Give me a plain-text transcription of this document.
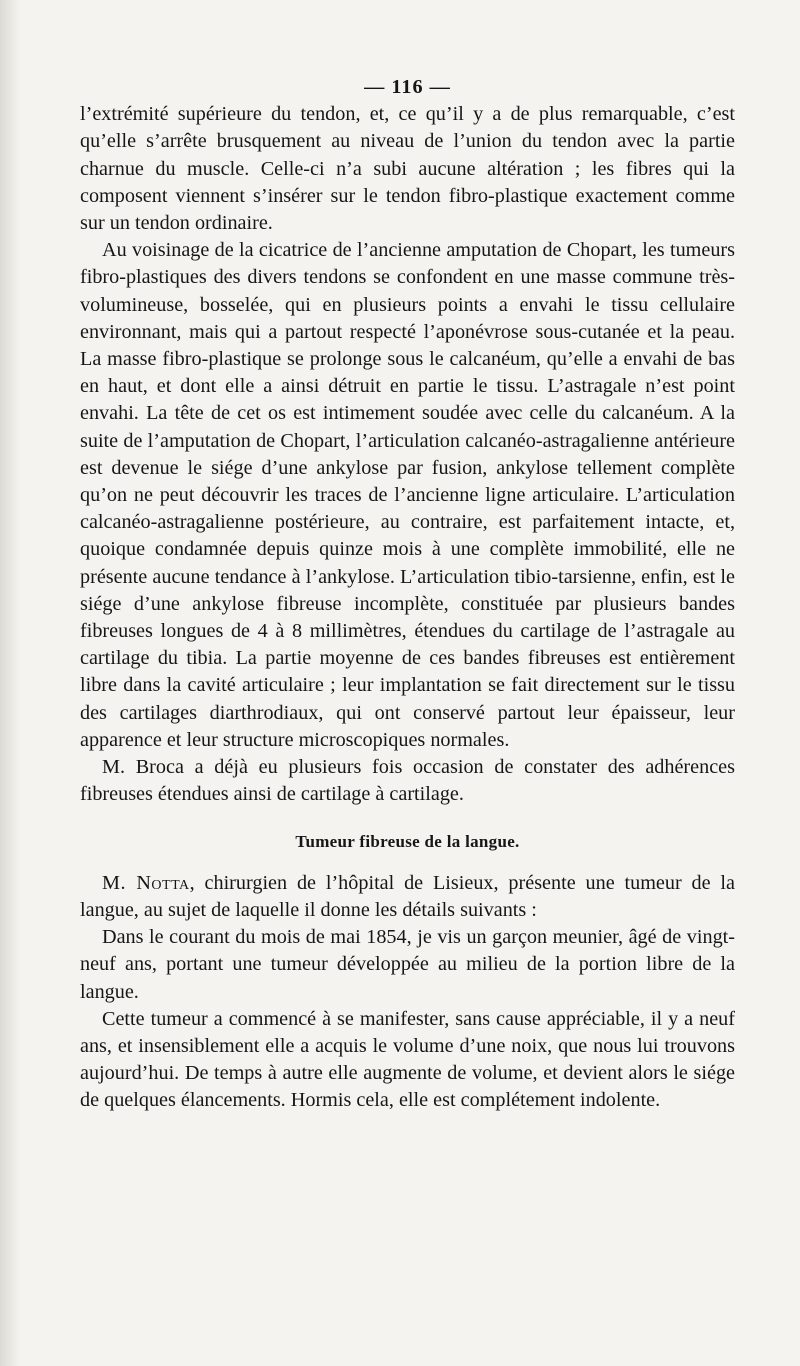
— 116 —

l’extrémité supérieure du tendon, et, ce qu’il y a de plus remarquable, c’est qu’elle s’arrête brusquement au niveau de l’union du tendon avec la partie charnue du muscle. Celle-ci n’a subi aucune altération ; les fibres qui la composent viennent s’insérer sur le tendon fibro-plastique exactement comme sur un tendon ordinaire.

Au voisinage de la cicatrice de l’ancienne amputation de Chopart, les tumeurs fibro-plastiques des divers tendons se confondent en une masse commune très-volumineuse, bosselée, qui en plusieurs points a envahi le tissu cellulaire environnant, mais qui a partout respecté l’aponévrose sous-cutanée et la peau. La masse fibro-plastique se prolonge sous le calcanéum, qu’elle a envahi de bas en haut, et dont elle a ainsi détruit en partie le tissu. L’astragale n’est point envahi. La tête de cet os est intimement soudée avec celle du calcanéum. A la suite de l’amputation de Chopart, l’articulation calcanéo-astragalienne antérieure est devenue le siége d’une ankylose par fusion, ankylose tellement complète qu’on ne peut découvrir les traces de l’ancienne ligne articulaire. L’articulation calcanéo-astragalienne postérieure, au contraire, est parfaitement intacte, et, quoique condamnée depuis quinze mois à une complète immobilité, elle ne présente aucune tendance à l’ankylose. L’articulation tibio-tarsienne, enfin, est le siége d’une ankylose fibreuse incomplète, constituée par plusieurs bandes fibreuses longues de 4 à 8 millimètres, étendues du cartilage de l’astragale au cartilage du tibia. La partie moyenne de ces bandes fibreuses est entièrement libre dans la cavité articulaire ; leur implantation se fait directement sur le tissu des cartilages diarthrodiaux, qui ont conservé partout leur épaisseur, leur apparence et leur structure microscopiques normales.

M. Broca a déjà eu plusieurs fois occasion de constater des adhérences fibreuses étendues ainsi de cartilage à cartilage.

Tumeur fibreuse de la langue.

M. Notta, chirurgien de l’hôpital de Lisieux, présente une tumeur de la langue, au sujet de laquelle il donne les détails suivants :

Dans le courant du mois de mai 1854, je vis un garçon meunier, âgé de vingt-neuf ans, portant une tumeur développée au milieu de la portion libre de la langue.

Cette tumeur a commencé à se manifester, sans cause appréciable, il y a neuf ans, et insensiblement elle a acquis le volume d’une noix, que nous lui trouvons aujourd’hui. De temps à autre elle augmente de volume, et devient alors le siége de quelques élancements. Hormis cela, elle est complétement indolente.
